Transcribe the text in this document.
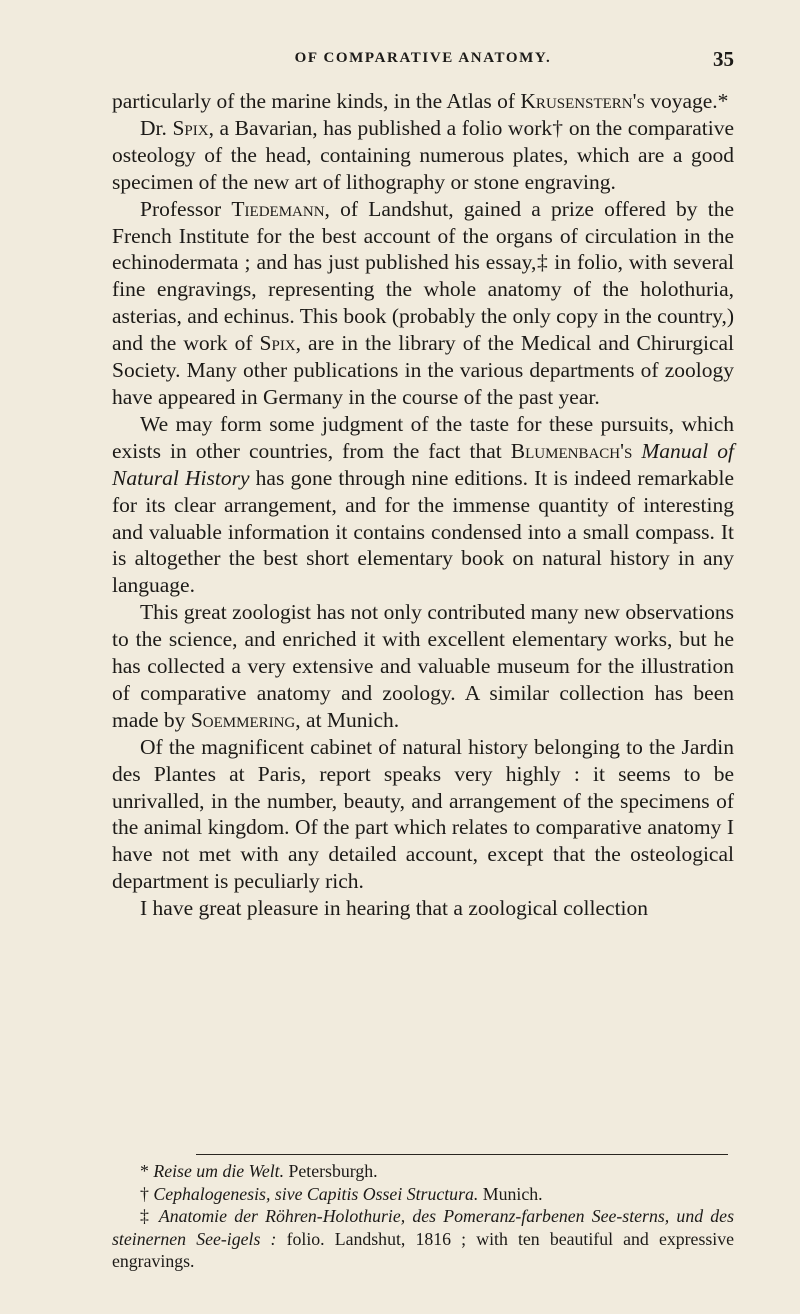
OF COMPARATIVE ANATOMY.	35

particularly of the marine kinds, in the Atlas of Krusenstern's voyage.*

Dr. Spix, a Bavarian, has published a folio work† on the comparative osteology of the head, containing numerous plates, which are a good specimen of the new art of lithography or stone engraving.

Professor Tiedemann, of Landshut, gained a prize offered by the French Institute for the best account of the organs of circulation in the echinodermata ; and has just published his essay,‡ in folio, with several fine engravings, representing the whole anatomy of the holothuria, asterias, and echinus. This book (probably the only copy in the country,) and the work of Spix, are in the library of the Medical and Chirurgical Society. Many other publications in the various departments of zoology have appeared in Germany in the course of the past year.

We may form some judgment of the taste for these pursuits, which exists in other countries, from the fact that Blumenbach's Manual of Natural History has gone through nine editions. It is indeed remarkable for its clear arrangement, and for the immense quantity of interesting and valuable information it contains condensed into a small compass. It is altogether the best short elementary book on natural history in any language.

This great zoologist has not only contributed many new observations to the science, and enriched it with excellent elementary works, but he has collected a very extensive and valuable museum for the illustration of comparative anatomy and zoology. A similar collection has been made by Soemmering, at Munich.

Of the magnificent cabinet of natural history belonging to the Jardin des Plantes at Paris, report speaks very highly : it seems to be unrivalled, in the number, beauty, and arrangement of the specimens of the animal kingdom. Of the part which relates to comparative anatomy I have not met with any detailed account, except that the osteological department is peculiarly rich.

I have great pleasure in hearing that a zoological collection

* Reise um die Welt. Petersburgh.

† Cephalogenesis, sive Capitis Ossei Structura. Munich.

‡ Anatomie der Röhren-Holothurie, des Pomeranz-farbenen See-sterns, und des steinernen See-igels : folio. Landshut, 1816 ; with ten beautiful and expressive engravings.
